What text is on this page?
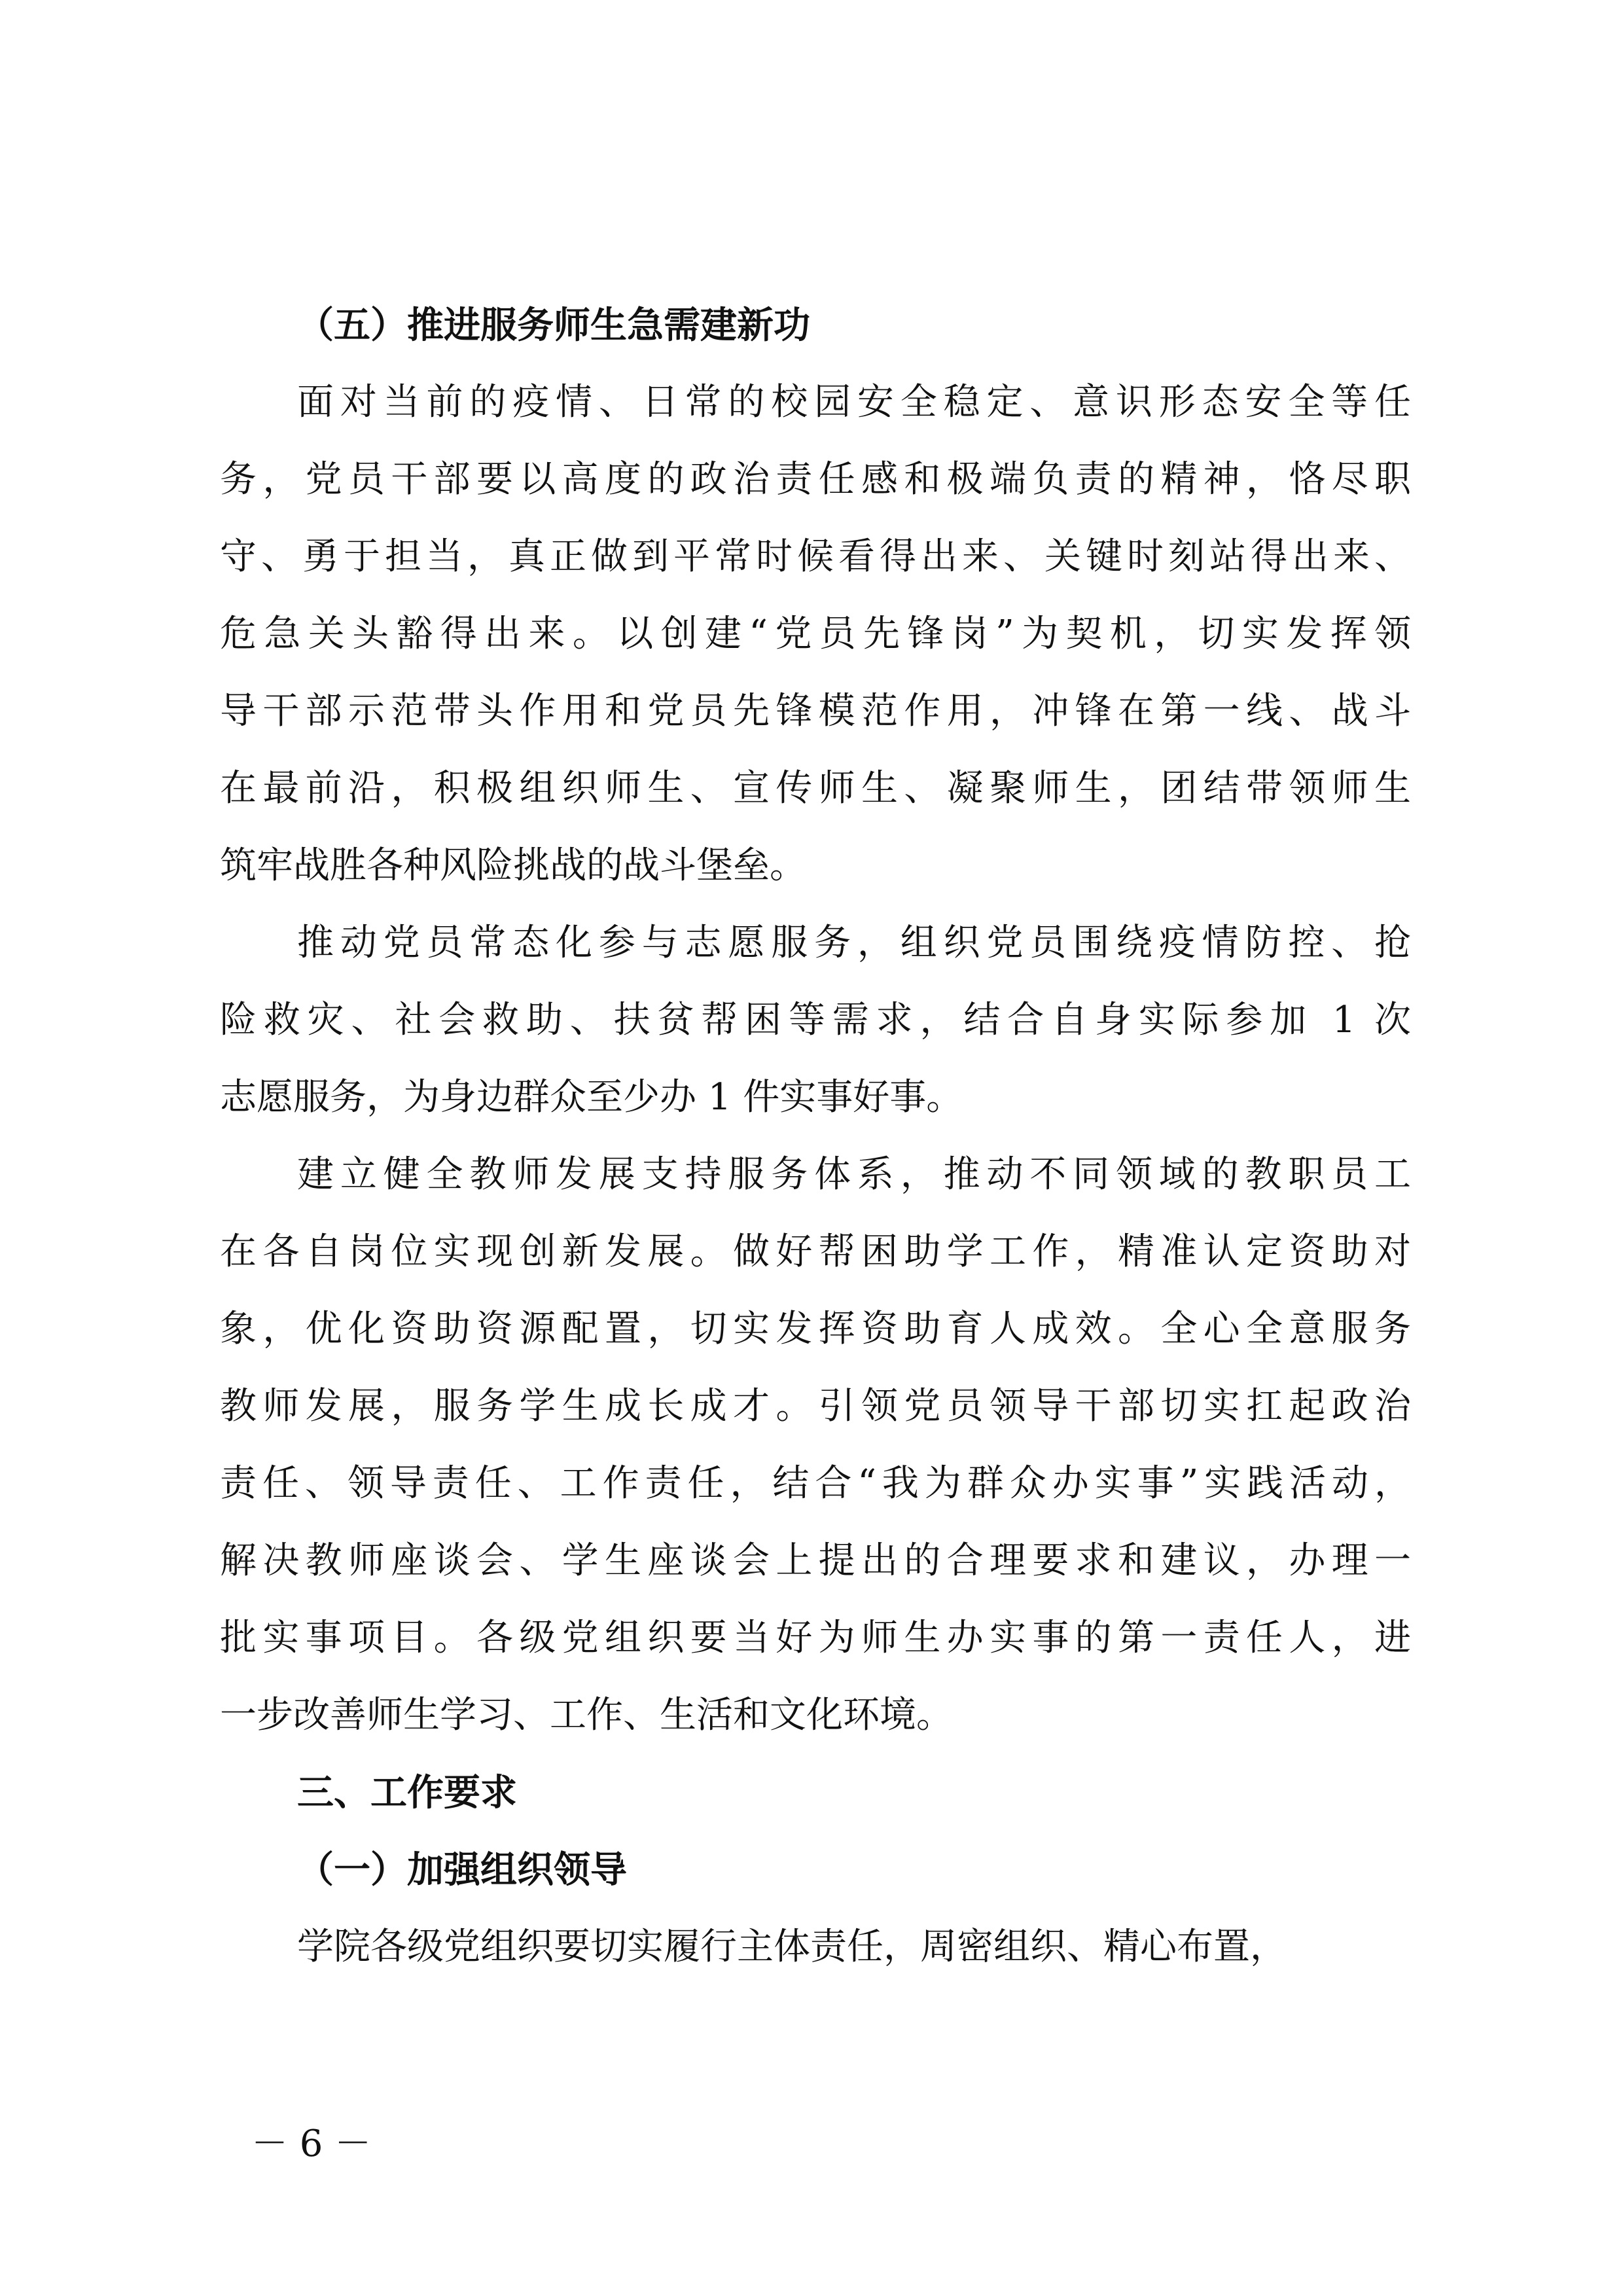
（五）推进服务师生急需建新功
面对当前的疫情、日常的校园安全稳定、意识形态安全等任
务，党员干部要以高度的政治责任感和极端负责的精神，恪尽职
守、勇于担当，真正做到平常时候看得出来、关键时刻站得出来、
危急关头豁得出来。以创建“党员先锋岗”为契机，切实发挥领
导干部示范带头作用和党员先锋模范作用，冲锋在第一线、战斗
在最前沿，积极组织师生、宣传师生、凝聚师生，团结带领师生
筑牢战胜各种风险挑战的战斗堡垒。
推动党员常态化参与志愿服务，组织党员围绕疫情防控、抢
险救灾、社会救助、扶贫帮困等需求，结合自身实际参加 1 次
志愿服务，为身边群众至少办 1 件实事好事。
建立健全教师发展支持服务体系，推动不同领域的教职员工
在各自岗位实现创新发展。做好帮困助学工作，精准认定资助对
象，优化资助资源配置，切实发挥资助育人成效。全心全意服务
教师发展，服务学生成长成才。引领党员领导干部切实扛起政治
责任、领导责任、工作责任，结合“我为群众办实事”实践活动，
解决教师座谈会、学生座谈会上提出的合理要求和建议，办理一
批实事项目。各级党组织要当好为师生办实事的第一责任人，进
一步改善师生学习、工作、生活和文化环境。
三、工作要求
（一）加强组织领导
学院各级党组织要切实履行主体责任，周密组织、精心布置，
－ 6 －
